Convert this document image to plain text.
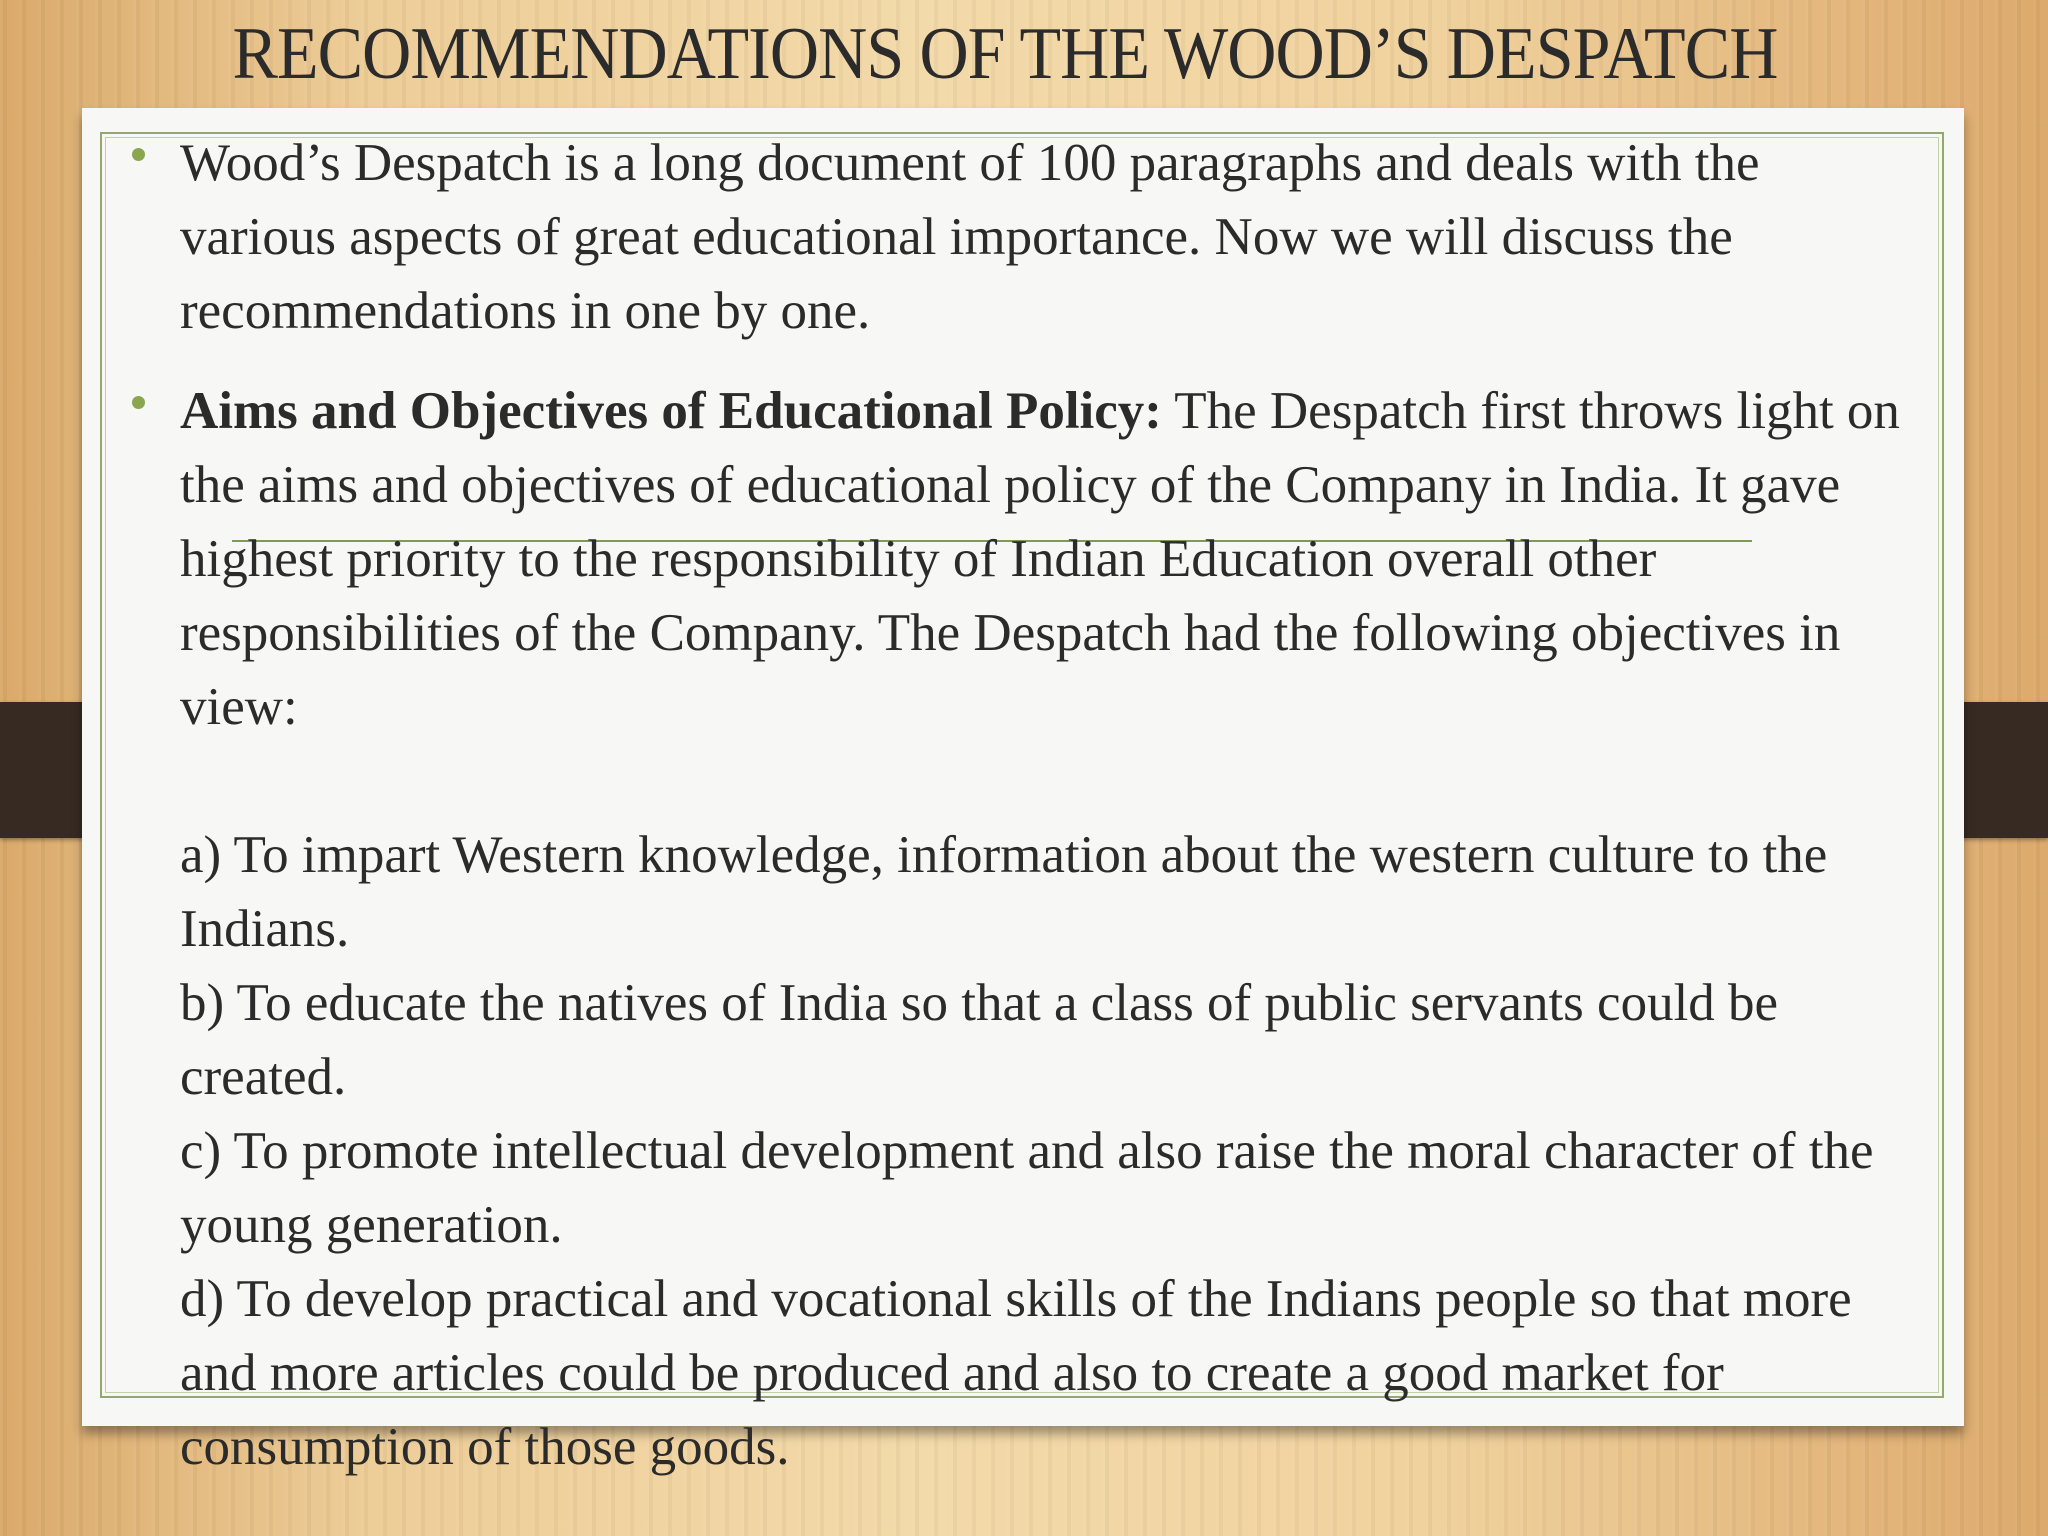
RECOMMENDATIONS OF THE WOOD’S DESPATCH
Wood’s Despatch is a long document of 100 paragraphs and deals with the various aspects of great educational importance. Now we will discuss the recommendations in one by one.
Aims and Objectives of Educational Policy: The Despatch first throws light on the aims and objectives of educational policy of the Company in India. It gave highest priority to the responsibility of Indian Education overall other responsibilities of the Company. The Despatch had the following objectives in view:
a) To impart Western knowledge, information about the western culture to the Indians.
b) To educate the natives of India so that a class of public servants could be created.
c) To promote intellectual development and also raise the moral character of the young generation.
d) To develop practical and vocational skills of the Indians people so that more and more articles could be produced and also to create a good market for consumption of those goods.
